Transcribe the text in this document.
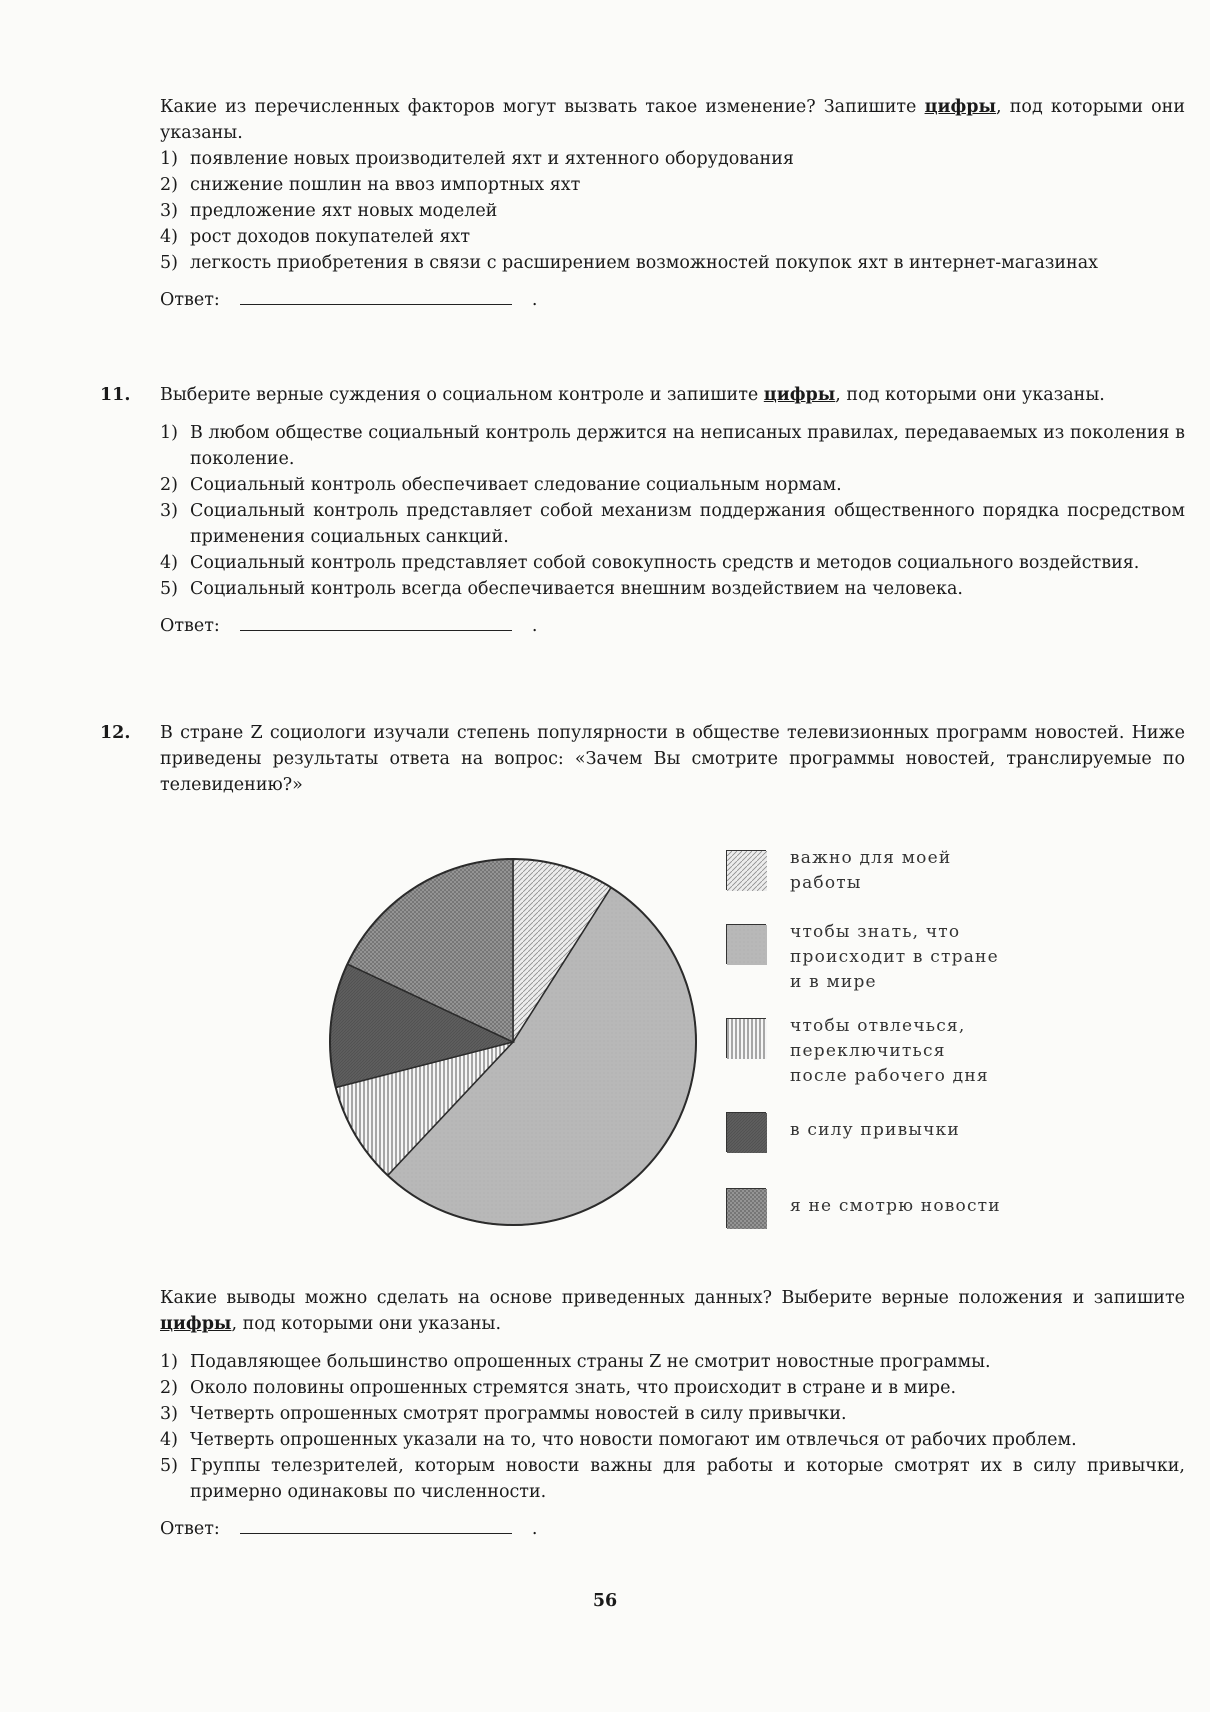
Какие из перечисленных факторов могут вызвать такое изменение? Запишите цифры, под которыми они указаны.

1) появление новых производителей яхт и яхтенного оборудования
2) снижение пошлин на ввоз импортных яхт
3) предложение яхт новых моделей
4) рост доходов покупателей яхт
5) легкость приобретения в связи с расширением возможностей покупок яхт в интернет-магазинах
Ответ:	.
11. Выберите верные суждения о социальном контроле и запишите цифры, под которыми они указаны.

1) В любом обществе социальный контроль держится на неписаных правилах, передаваемых из поколения в поколение.
2) Социальный контроль обеспечивает следование социальным нормам.
3) Социальный контроль представляет собой механизм поддержания общественного порядка посредством применения социальных санкций.
4) Социальный контроль представляет собой совокупность средств и методов социального воздействия.
5) Социальный контроль всегда обеспечивается внешним воздействием на человека.
Ответ:	.
12. В стране Z социологи изучали степень популярности в обществе телевизионных программ новостей. Ниже приведены результаты ответа на вопрос: «Зачем Вы смотрите программы новостей, транслируемые по телевидению?»

важно для моей
работы
чтобы знать, что
происходит в стране
и в мире
чтобы отвлечься,
переключиться
после рабочего дня
в силу привычки
я не смотрю новости

Какие выводы можно сделать на основе приведенных данных? Выберите верные положения и запишите цифры, под которыми они указаны.

1) Подавляющее большинство опрошенных страны Z не смотрит новостные программы.
2) Около половины опрошенных стремятся знать, что происходит в стране и в мире.
3) Четверть опрошенных смотрят программы новостей в силу привычки.
4) Четверть опрошенных указали на то, что новости помогают им отвлечься от рабочих проблем.
5) Группы телезрителей, которым новости важны для работы и которые смотрят их в силу привычки, примерно одинаковы по численности.
Ответ:	.
56
